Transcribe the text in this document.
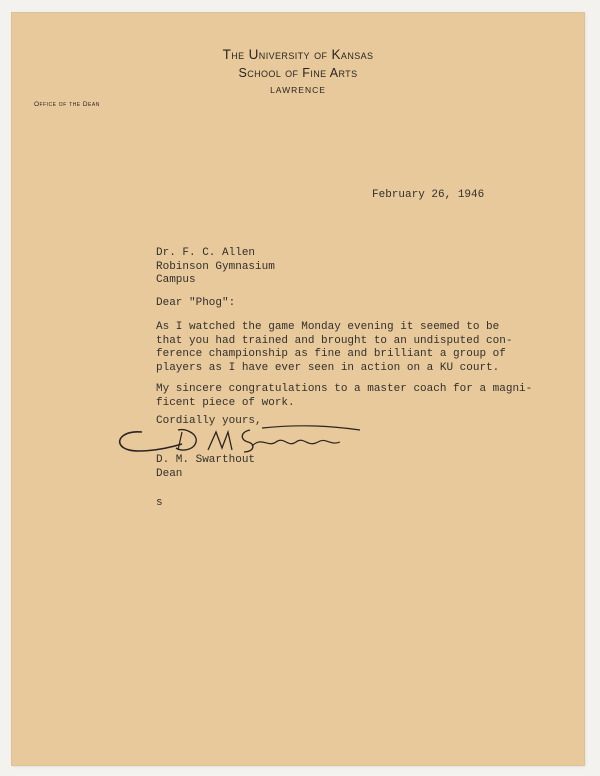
The University of Kansas
School of Fine Arts
LAWRENCE
Office of the Dean
February 26, 1946
Dr. F. C. Allen
Robinson Gymnasium
Campus
Dear "Phog":
As I watched the game Monday evening it seemed to be
that you had trained and brought to an undisputed con-
ference championship as fine and brilliant a group of
players as I have ever seen in action on a KU court.
My sincere congratulations to a master coach for a magni-
ficent piece of work.
Cordially yours,
D. M. Swarthout
Dean
s
